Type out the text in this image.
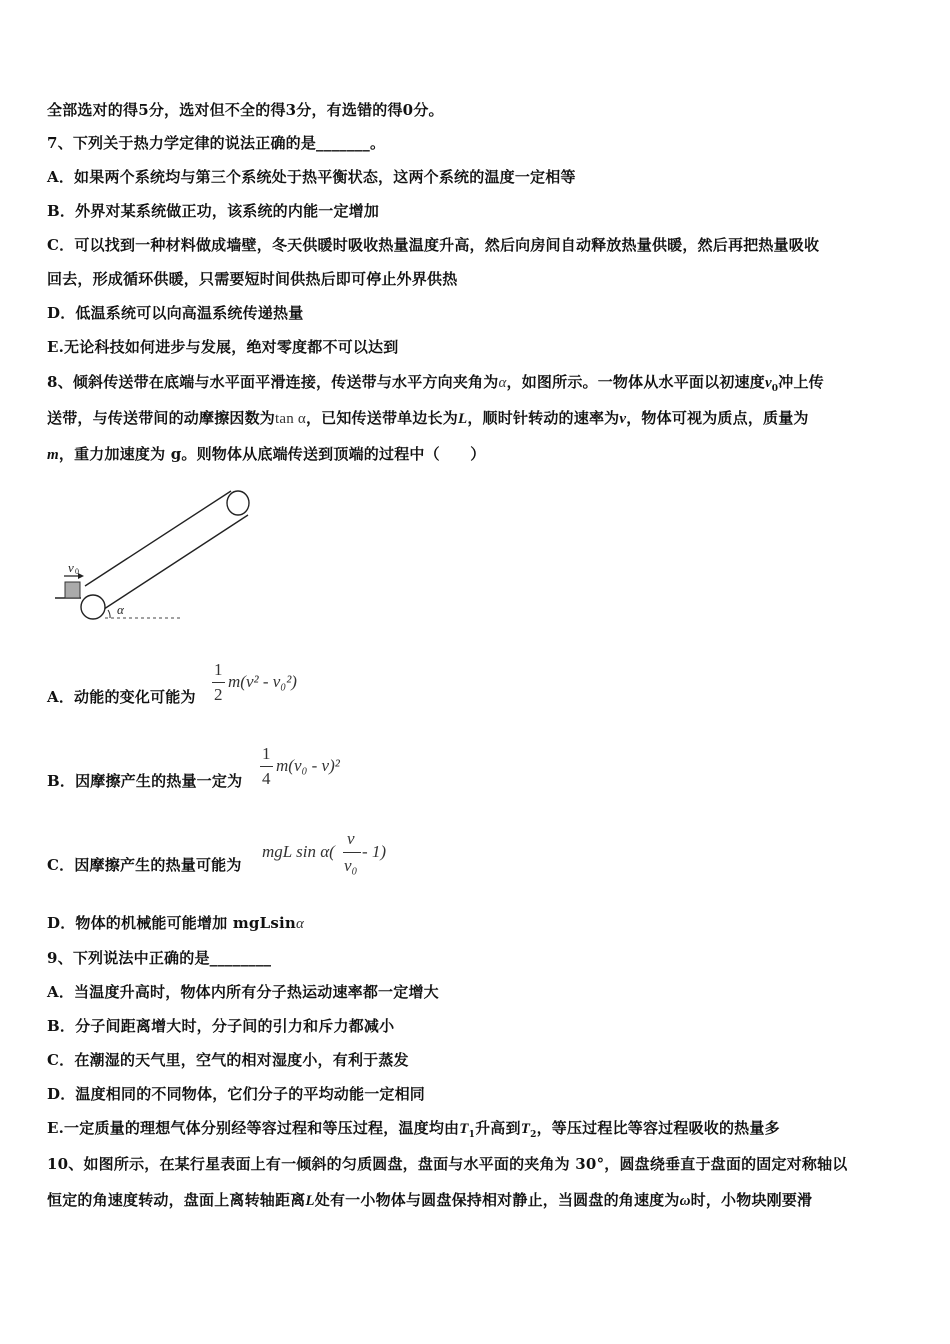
全部选对的得5分，选对但不全的得3分，有选错的得0分。
7、下列关于热力学定律的说法正确的是_______。
A．如果两个系统均与第三个系统处于热平衡状态，这两个系统的温度一定相等
B．外界对某系统做正功，该系统的内能一定增加
C．可以找到一种材料做成墙壁，冬天供暖时吸收热量温度升高，然后向房间自动释放热量供暖，然后再把热量吸收
回去，形成循环供暖，只需要短时间供热后即可停止外界供热
D．低温系统可以向高温系统传递热量
E.无论科技如何进步与发展，绝对零度都不可以达到
8、倾斜传送带在底端与水平面平滑连接，传送带与水平方向夹角为α，如图所示。一物体从水平面以初速度$v_0$冲上传
送带，与传送带间的动摩擦因数为tan α，已知传送带单边长为L，顺时针转动的速率为v，物体可视为质点，质量为
m，重力加速度为 g。则物体从底端传送到顶端的过程中（　　）
v 0
α
A．动能的变化可能为
1
2
m(v² - v₀²)
B．因摩擦产生的热量一定为
1
4
m(v₀ - v)²
C．因摩擦产生的热量可能为
mgL sin α(
v
v₀
- 1)
D．物体的机械能可能增加 mgLsinα
9、下列说法中正确的是________
A．当温度升高时，物体内所有分子热运动速率都一定增大
B．分子间距离增大时，分子间的引力和斥力都减小
C．在潮湿的天气里，空气的相对湿度小，有利于蒸发
D．温度相同的不同物体，它们分子的平均动能一定相同
E.一定质量的理想气体分别经等容过程和等压过程，温度均由$T_1$升高到$T_2$，等压过程比等容过程吸收的热量多
10、如图所示，在某行星表面上有一倾斜的匀质圆盘，盘面与水平面的夹角为 30°，圆盘绕垂直于盘面的固定对称轴以
恒定的角速度转动，盘面上离转轴距离L处有一小物体与圆盘保持相对静止，当圆盘的角速度为ω时，小物块刚要滑
